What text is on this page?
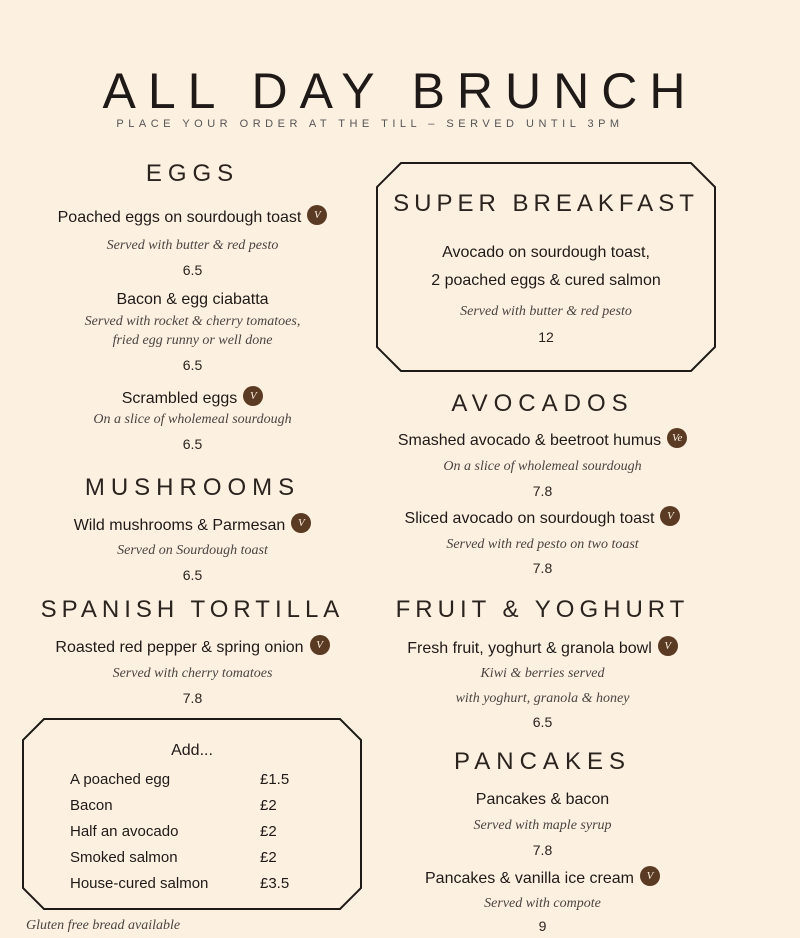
ALL DAY BRUNCH
PLACE YOUR ORDER AT THE TILL – SERVED UNTIL 3PM
EGGS
Poached eggs on sourdough toast V
Served with butter & red pesto
6.5
Bacon & egg ciabatta
Served with rocket & cherry tomatoes,
fried egg runny or well done
6.5
Scrambled eggs V
On a slice of wholemeal sourdough
6.5
MUSHROOMS
Wild mushrooms & Parmesan V
Served on Sourdough toast
6.5
SPANISH TORTILLA
Roasted red pepper & spring onion V
Served with cherry tomatoes
7.8
Add...
A poached egg	£1.5
Bacon	£2
Half an avocado	£2
Smoked salmon	£2
House-cured salmon	£3.5
SUPER BREAKFAST
Avocado on sourdough toast,
2 poached eggs & cured salmon
Served with butter & red pesto
12
AVOCADOS
Smashed avocado & beetroot humus Ve
On a slice of wholemeal sourdough
7.8
Sliced avocado on sourdough toast V
Served with red pesto on two toast
7.8
FRUIT & YOGHURT
Fresh fruit, yoghurt & granola bowl V
Kiwi & berries served
with yoghurt, granola & honey
6.5
PANCAKES
Pancakes & bacon
Served with maple syrup
7.8
Pancakes & vanilla ice cream V
Served with compote
9
Gluten free bread available
